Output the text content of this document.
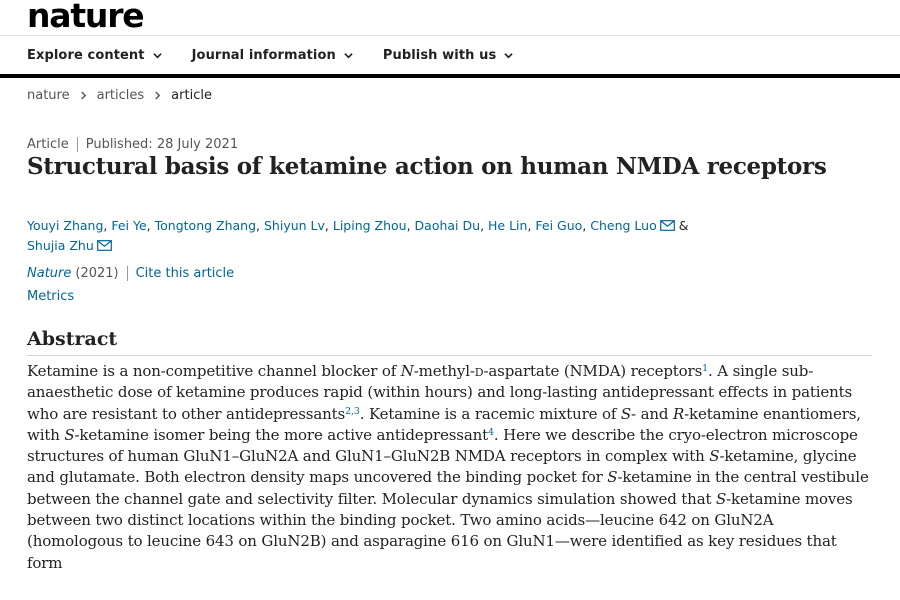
nature
Explore content	Journal information	Publish with us
nature articles article
Article Published: 28 July 2021
Structural basis of ketamine action on human NMDA receptors
Youyi Zhang, Fei Ye, Tongtong Zhang, Shiyun Lv, Liping Zhou, Daohai Du, He Lin, Fei Guo, Cheng Luo &
Shujia Zhu
Nature (2021) Cite this article
Metrics
Abstract

Ketamine is a non-competitive channel blocker of N-methyl-d-aspartate (NMDA) receptors$^1$. A single sub-anaesthetic dose of ketamine produces rapid (within hours) and long-lasting antidepressant effects in patients who are resistant to other antidepressants$^{2,3}$. Ketamine is a racemic mixture of S- and R-ketamine enantiomers, with S-ketamine isomer being the more active antidepressant$^4$. Here we describe the cryo-electron microscope structures of human GluN1–GluN2A and GluN1–GluN2B NMDA receptors in complex with S-ketamine, glycine and glutamate. Both electron density maps uncovered the binding pocket for S-ketamine in the central vestibule between the channel gate and selectivity filter. Molecular dynamics simulation showed that S-ketamine moves between two distinct locations within the binding pocket. Two amino acids—leucine 642 on GluN2A (homologous to leucine 643 on GluN2B) and asparagine 616 on GluN1—were identified as key residues that form
